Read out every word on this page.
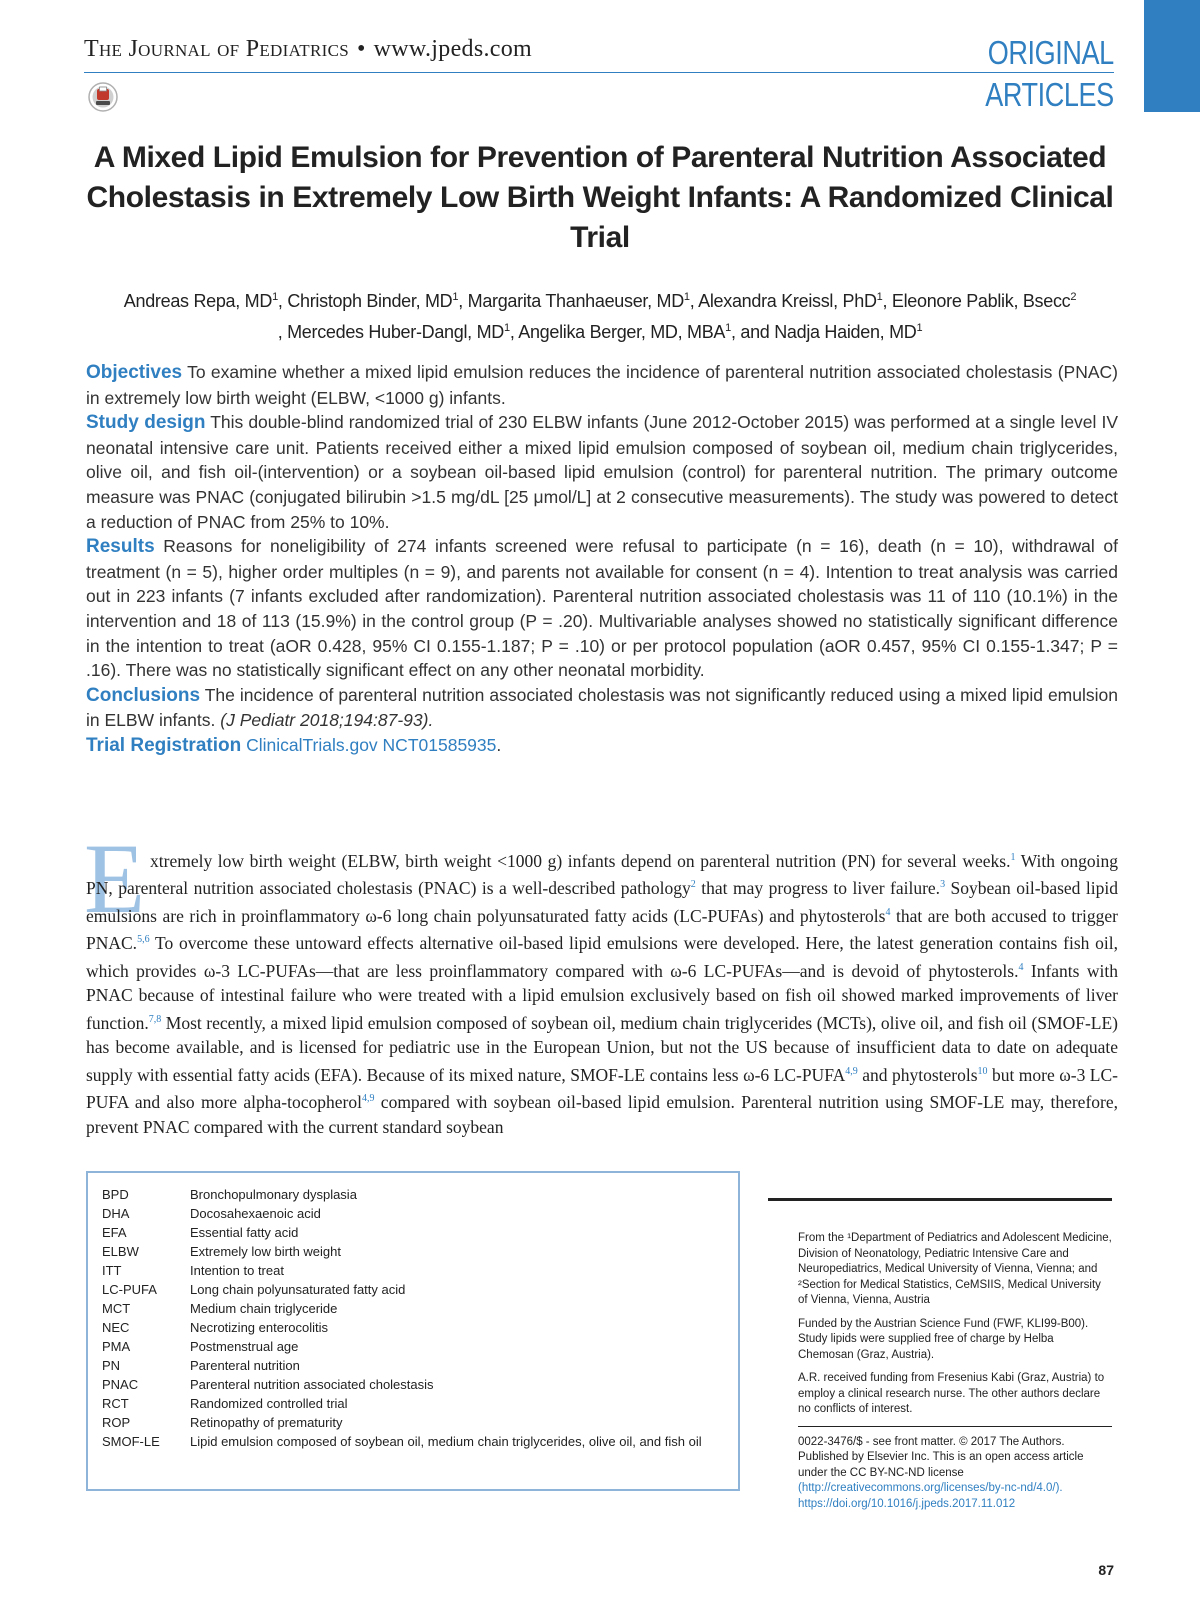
The Journal of Pediatrics • www.jpeds.com	ORIGINAL
ARTICLES
A Mixed Lipid Emulsion for Prevention of Parenteral Nutrition Associated Cholestasis in Extremely Low Birth Weight Infants: A Randomized Clinical Trial
Andreas Repa, $MD^1$, Christoph Binder, $MD^1$, Margarita Thanhaeuser, $MD^1$, Alexandra Kreissl, PhD$^1$, Eleonore Pablik, Bsecc$^2$
, Mercedes Huber-Dangl, $MD^1$, Angelika Berger, MD, MBA$^1$, and Nadja Haiden, $MD^1$

Objectives To examine whether a mixed lipid emulsion reduces the incidence of parenteral nutrition associated cholestasis (PNAC) in extremely low birth weight (ELBW, <1000 g) infants.

Study design This double-blind randomized trial of 230 ELBW infants (June 2012-October 2015) was performed at a single level IV neonatal intensive care unit. Patients received either a mixed lipid emulsion composed of soybean oil, medium chain triglycerides, olive oil, and fish oil-(intervention) or a soybean oil-based lipid emulsion (control) for parenteral nutrition. The primary outcome measure was PNAC (conjugated bilirubin >1.5 mg/dL [25 μmol/L] at 2 consecutive measurements). The study was powered to detect a reduction of PNAC from 25% to 10%.

Results Reasons for noneligibility of 274 infants screened were refusal to participate (n = 16), death (n = 10), withdrawal of treatment (n = 5), higher order multiples (n = 9), and parents not available for consent (n = 4). Intention to treat analysis was carried out in 223 infants (7 infants excluded after randomization). Parenteral nutrition associated cholestasis was 11 of 110 (10.1%) in the intervention and 18 of 113 (15.9%) in the control group (P = .20). Multivariable analyses showed no statistically significant difference in the intention to treat (aOR 0.428, 95% CI 0.155-1.187; P = .10) or per protocol population (aOR 0.457, 95% CI 0.155-1.347; P = .16). There was no statistically significant effect on any other neonatal morbidity.

Conclusions The incidence of parenteral nutrition associated cholestasis was not significantly reduced using a mixed lipid emulsion in ELBW infants. (J Pediatr 2018;194:87-93).

Trial Registration ClinicalTrials.gov NCT01585935.

E xtremely low birth weight (ELBW, birth weight <1000 g) infants depend on parenteral nutrition (PN) for several weeks.$^1$ With ongoing PN, parenteral nutrition associated cholestasis (PNAC) is a well-described pathology$^2$ that may progress to liver failure.$^3$ Soybean oil-based lipid emulsions are rich in proinflammatory ω-6 long chain polyunsaturated fatty acids (LC-PUFAs) and phytosterols$^4$ that are both accused to trigger PNAC.$^{5,6}$ To overcome these untoward effects alternative oil-based lipid emulsions were developed. Here, the latest generation contains fish oil, which provides ω-3 LC-PUFAs—that are less proinflammatory compared with ω-6 LC-PUFAs—and is devoid of phytosterols.$^4$ Infants with PNAC because of intestinal failure who were treated with a lipid emulsion exclusively based on fish oil showed marked improvements of liver function.$^{7,8}$ Most recently, a mixed lipid emulsion composed of soybean oil, medium chain triglycerides (MCTs), olive oil, and fish oil (SMOF-LE) has become available, and is licensed for pediatric use in the European Union, but not the US because of insufficient data to date on adequate supply with essential fatty acids (EFA). Because of its mixed nature, SMOF-LE contains less ω-6 LC-PUFA$^{4,9}$ and phytosterols$^{10}$ but more ω-3 LC-PUFA and also more alpha-tocopherol$^{4,9}$ compared with soybean oil-based lipid emulsion. Parenteral nutrition using SMOF-LE may, therefore, prevent PNAC compared with the current standard soybean
BPD	Bronchopulmonary dysplasia
DHA	Docosahexaenoic acid
EFA	Essential fatty acid
ELBW	Extremely low birth weight
ITT	Intention to treat
LC-PUFA	Long chain polyunsaturated fatty acid
MCT	Medium chain triglyceride
NEC	Necrotizing enterocolitis
PMA	Postmenstrual age
PN	Parenteral nutrition
PNAC	Parenteral nutrition associated cholestasis
RCT	Randomized controlled trial
ROP	Retinopathy of prematurity
SMOF-LE Lipid emulsion composed of soybean oil, medium chain triglycerides, olive oil, and fish oil

From the ¹Department of Pediatrics and Adolescent Medicine, Division of Neonatology, Pediatric Intensive Care and Neuropediatrics, Medical University of Vienna, Vienna; and ²Section for Medical Statistics, CeMSIIS, Medical University of Vienna, Vienna, Austria

Funded by the Austrian Science Fund (FWF, KLI99-B00). Study lipids were supplied free of charge by Helba Chemosan (Graz, Austria).

A.R. received funding from Fresenius Kabi (Graz, Austria) to employ a clinical research nurse. The other authors declare no conflicts of interest.

0022-3476/$ - see front matter. © 2017 The Authors. Published by Elsevier Inc. This is an open access article under the CC BY-NC-ND license (http://creativecommons.org/licenses/by-nc-nd/4.0/).
https://doi.org/10.1016/j.jpeds.2017.11.012

87
